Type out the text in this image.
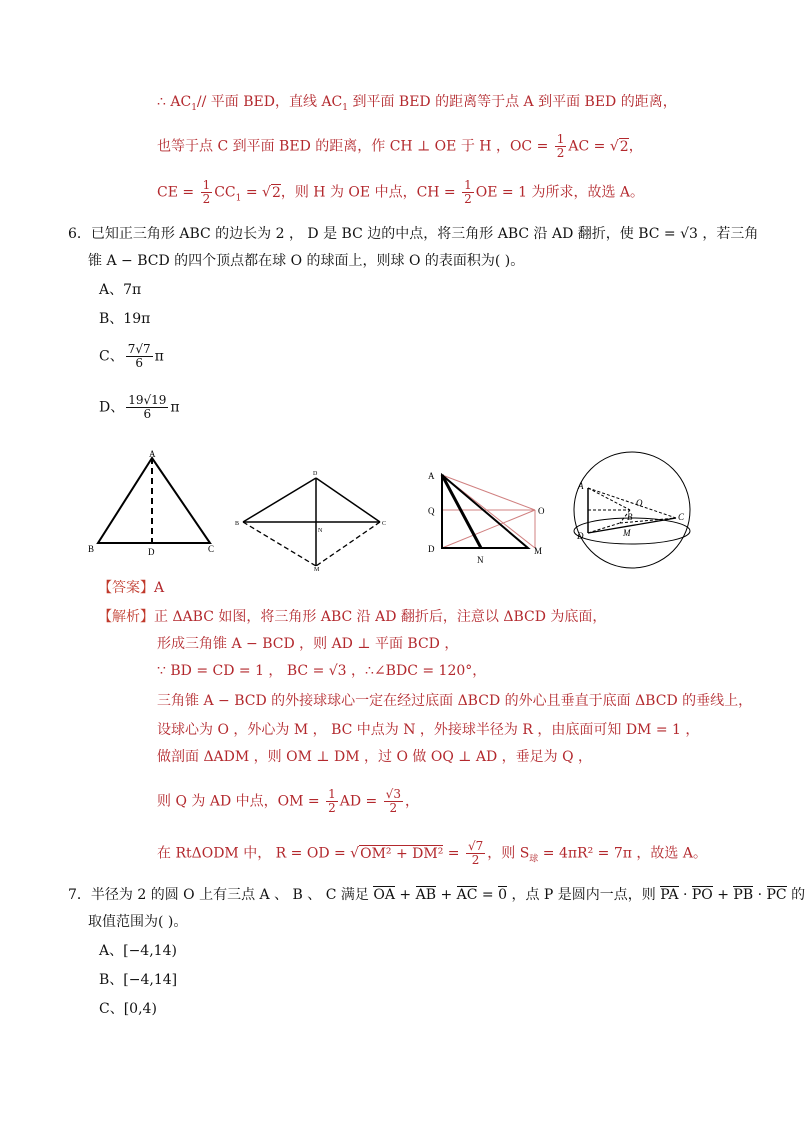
∴ $AC_1//$ 平面 BED，直线 $AC_1$ 到平面 BED 的距离等于点 A 到平面 BED 的距离，
也等于点 C 到平面 BED 的距离，作 CH ⊥ OE 于 H ，OC = $\frac{1}{2}$ AC = √2，
CE = $\frac{1}{2} CC_1 = √2$，则 H 为 OE 中点，CH = $\frac{1}{2}$ OE = 1 为所求，故选 A。
6．已知正三角形 ABC 的边长为 2 ， D 是 BC 边的中点，将三角形 ABC 沿 AD 翻折，使 BC = √3 ，若三角
锥 A − BCD 的四个顶点都在球 O 的球面上，则球 O 的表面积为( )。
A、7π
B、19π
C、 $\frac{7√7}{6}$ π
D、 $\frac{19√19}{6}$ π
A
B	D	C
D
B	C
N
M
A
Q
D
N
O
M
A
O
B	C
D	M
【答案】A
【解析】正 ΔABC 如图，将三角形 ABC 沿 AD 翻折后，注意以 ΔBCD 为底面，
形成三角锥 A − BCD ，则 AD ⊥ 平面 BCD ，
∵ BD = CD = 1 ， BC = √3 ，∴∠BDC = 120°，
三角锥 A − BCD 的外接球球心一定在经过底面 ΔBCD 的外心且垂直于底面 ΔBCD 的垂线上，
设球心为 O ，外心为 M ， BC 中点为 N ，外接球半径为 R ，由底面可知 DM = 1 ，
做剖面 ΔADM ，则 OM ⊥ DM ，过 O 做 OQ ⊥ AD ，垂足为 Q ，
则 Q 为 AD 中点，OM = $\frac{1}{2}$ AD = $\frac{√3}{2}$ ，
在 RtΔODM 中， R = OD = $√OM^2 + DM^2 = \frac{√7}{2}$ ，则 $S_球 = 4\pi R^2 = 7\pi$ ，故选 A。
7．半径为 2 的圆 O 上有三点 A 、 B 、 C 满足 OA + AB + AC = 0 ，点 P 是圆内一点，则 PA · PO + PB · PC 的
取值范围为( )。
A、[−4,14)
B、[−4,14]
C、[0,4)
